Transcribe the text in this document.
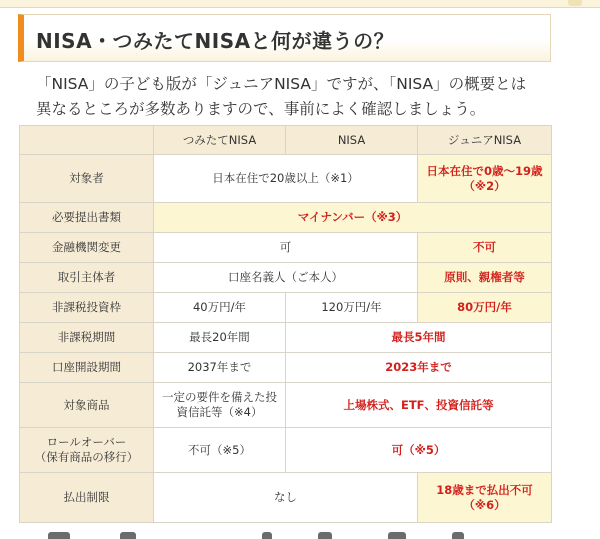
NISA・つみたてNISAと何が違うの？

「NISA」の子ども版が「ジュニアNISA」ですが、「NISA」の概要とは異なるところが多数ありますので、事前によく確認しましょう。

	つみたてNISA	NISA	ジュニアNISA
対象者	日本在住で20歳以上（※1）		日本在住で0歳～19歳（※2）
必要提出書類	マイナンバー（※3）		
金融機関変更	可		不可
取引主体者	口座名義人（ご本人）		原則、親権者等
非課税投資枠	40万円/年	120万円/年	80万円/年
非課税期間	最長20年間	最長5年間	
口座開設期間	2037年まで	2023年まで	
対象商品	一定の要件を備えた投資信託等（※4）	上場株式、ETF、投資信託等	
ロールオーバー
（保有商品の移行）	不可（※5）	可（※5）	
払出制限	なし		18歳まで払出不可（※6）
